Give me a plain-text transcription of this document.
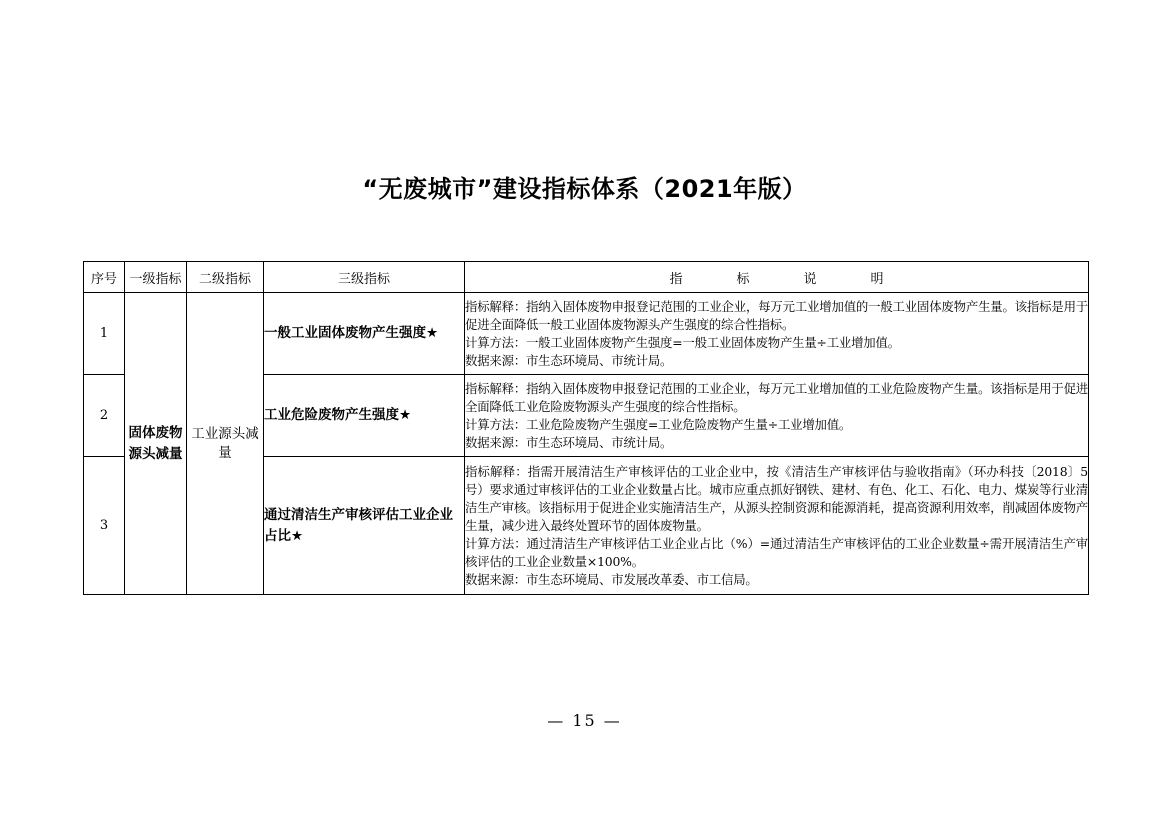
“无废城市”建设指标体系（2021年版）
序号	一级指标	二级指标	三级指标	指 标 说 明
1	固体废物源头减量	工业源头减量	一般工业固体废物产生强度★	指标解释：指纳入固体废物申报登记范围的工业企业，每万元工业增加值的一般工业固体废物产生量。该指标是用于促进全面降低一般工业固体废物源头产生强度的综合性指标。

计算方法：一般工业固体废物产生强度=一般工业固体废物产生量÷工业增加值。

数据来源：市生态环境局、市统计局。

2			工业危险废物产生强度★	指标解释：指纳入固体废物申报登记范围的工业企业，每万元工业增加值的工业危险废物产生量。该指标是用于促进全面降低工业危险废物源头产生强度的综合性指标。

计算方法：工业危险废物产生强度=工业危险废物产生量÷工业增加值。

数据来源：市生态环境局、市统计局。

3			通过清洁生产审核评估工业企业占比★	指标解释：指需开展清洁生产审核评估的工业企业中，按《清洁生产审核评估与验收指南》（环办科技〔2018〕5号）要求通过审核评估的工业企业数量占比。城市应重点抓好钢铁、建材、有色、化工、石化、电力、煤炭等行业清洁生产审核。该指标用于促进企业实施清洁生产，从源头控制资源和能源消耗，提高资源利用效率，削减固体废物产生量，减少进入最终处置环节的固体废物量。

计算方法：通过清洁生产审核评估工业企业占比（%）=通过清洁生产审核评估的工业企业数量÷需开展清洁生产审核评估的工业企业数量×100%。

数据来源：市生态环境局、市发展改革委、市工信局。

— 15 —
